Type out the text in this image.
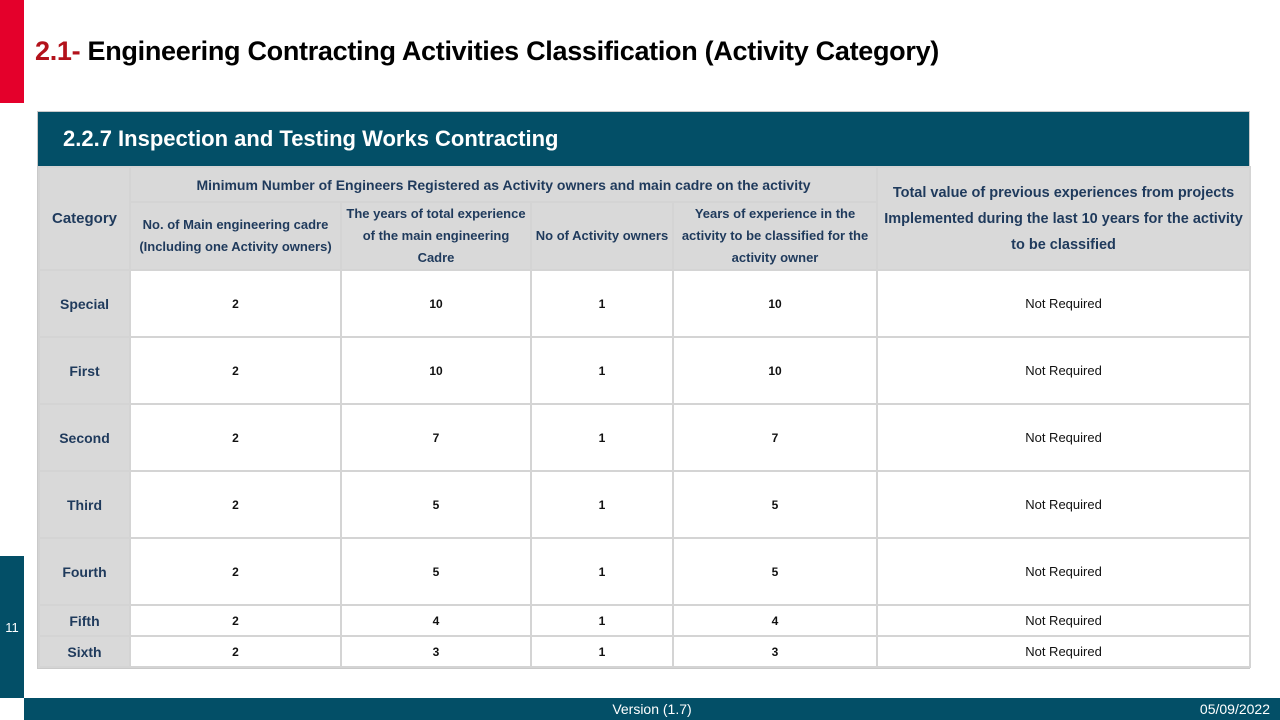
11
2.1- Engineering Contracting Activities Classification (Activity Category)
2.2.7 Inspection and Testing Works Contracting
Category	Minimum Number of Engineers Registered as Activity owners and main cadre on the activity				Total value of previous experiences from projects Implemented during the last 10 years for the activity to be classified
	No. of Main engineering cadre (Including one Activity owners)	The years of total experience of the main engineering Cadre	No of Activity owners	Years of experience in the activity to be classified for the activity owner	
Special	2	10	1	10	Not Required
First	2	10	1	10	Not Required
Second	2	7	1	7	Not Required
Third	2	5	1	5	Not Required
Fourth	2	5	1	5	Not Required
Fifth	2	4	1	4	Not Required
Sixth	2	3	1	3	Not Required
Version (1.7)	05/09/2022
